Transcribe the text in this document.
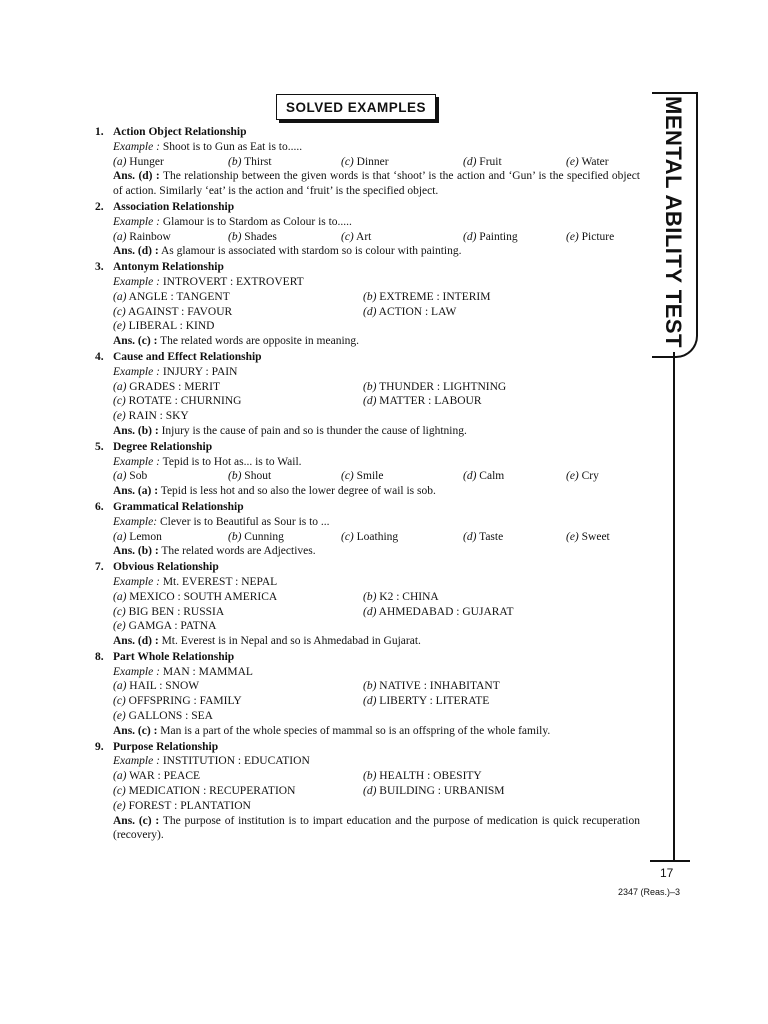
SOLVED EXAMPLES	MENTAL ABILITY TEST
17
2347 (Reas.)–3
1. Action Object Relationship
Example : Shoot is to Gun as Eat is to.....
(a) Hunger	(b) Thirst	(c) Dinner	(d) Fruit	(e) Water
Ans. (d) : The relationship between the given words is that ‘shoot’ is the action and ‘Gun’ is the specified object of action. Similarly ‘eat’ is the action and ‘fruit’ is the specified object.
2. Association Relationship
Example : Glamour is to Stardom as Colour is to.....
(a) Rainbow	(b) Shades	(c) Art	(d) Painting	(e) Picture
Ans. (d) : As glamour is associated with stardom so is colour with painting.
3. Antonym Relationship
Example : INTROVERT : EXTROVERT
(a) ANGLE : TANGENT	(b) EXTREME : INTERIM
(c) AGAINST : FAVOUR	(d) ACTION : LAW
(e) LIBERAL : KIND
Ans. (c) : The related words are opposite in meaning.
4. Cause and Effect Relationship
Example : INJURY : PAIN
(a) GRADES : MERIT	(b) THUNDER : LIGHTNING
(c) ROTATE : CHURNING	(d) MATTER : LABOUR
(e) RAIN : SKY
Ans. (b) : Injury is the cause of pain and so is thunder the cause of lightning.
5. Degree Relationship
Example : Tepid is to Hot as... is to Wail.
(a) Sob	(b) Shout	(c) Smile	(d) Calm	(e) Cry
Ans. (a) : Tepid is less hot and so also the lower degree of wail is sob.
6. Grammatical Relationship
Example: Clever is to Beautiful as Sour is to ...
(a) Lemon	(b) Cunning	(c) Loathing	(d) Taste	(e) Sweet
Ans. (b) : The related words are Adjectives.
7. Obvious Relationship
Example : Mt. EVEREST : NEPAL
(a) MEXICO : SOUTH AMERICA	(b) K2 : CHINA
(c) BIG BEN : RUSSIA	(d) AHMEDABAD : GUJARAT
(e) GAMGA : PATNA
Ans. (d) : Mt. Everest is in Nepal and so is Ahmedabad in Gujarat.
8. Part Whole Relationship
Example : MAN : MAMMAL
(a) HAIL : SNOW	(b) NATIVE : INHABITANT
(c) OFFSPRING : FAMILY	(d) LIBERTY : LITERATE
(e) GALLONS : SEA
Ans. (c) : Man is a part of the whole species of mammal so is an offspring of the whole family.
9. Purpose Relationship
Example : INSTITUTION : EDUCATION
(a) WAR : PEACE	(b) HEALTH : OBESITY
(c) MEDICATION : RECUPERATION	(d) BUILDING : URBANISM
(e) FOREST : PLANTATION
Ans. (c) : The purpose of institution is to impart education and the purpose of medication is quick recuperation (recovery).
